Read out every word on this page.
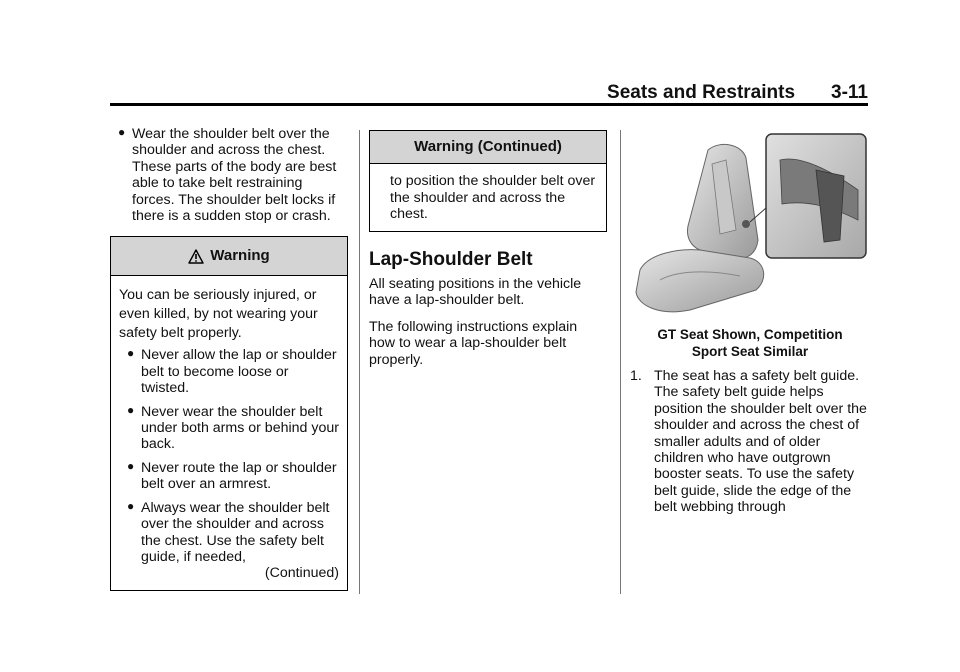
Seats and Restraints 3-11
● Wear the shoulder belt over the shoulder and across the chest. These parts of the body are best able to take belt restraining forces. The shoulder belt locks if there is a sudden stop or crash.
Warning

You can be seriously injured, or even killed, by not wearing your safety belt properly.

● Never allow the lap or shoulder belt to become loose or twisted.
● Never wear the shoulder belt under both arms or behind your back.
● Never route the lap or shoulder belt over an armrest.
● Always wear the shoulder belt over the shoulder and across the chest. Use the safety belt guide, if needed,
(Continued)
Warning (Continued)
to position the shoulder belt over the shoulder and across the chest.
Lap-Shoulder Belt

All seating positions in the vehicle have a lap-shoulder belt.

The following instructions explain how to wear a lap-shoulder belt properly.

GT Seat Shown, Competition
Sport Seat Similar
1. The seat has a safety belt guide. The safety belt guide helps position the shoulder belt over the shoulder and across the chest of smaller adults and of older children who have outgrown booster seats. To use the safety belt guide, slide the edge of the belt webbing through
